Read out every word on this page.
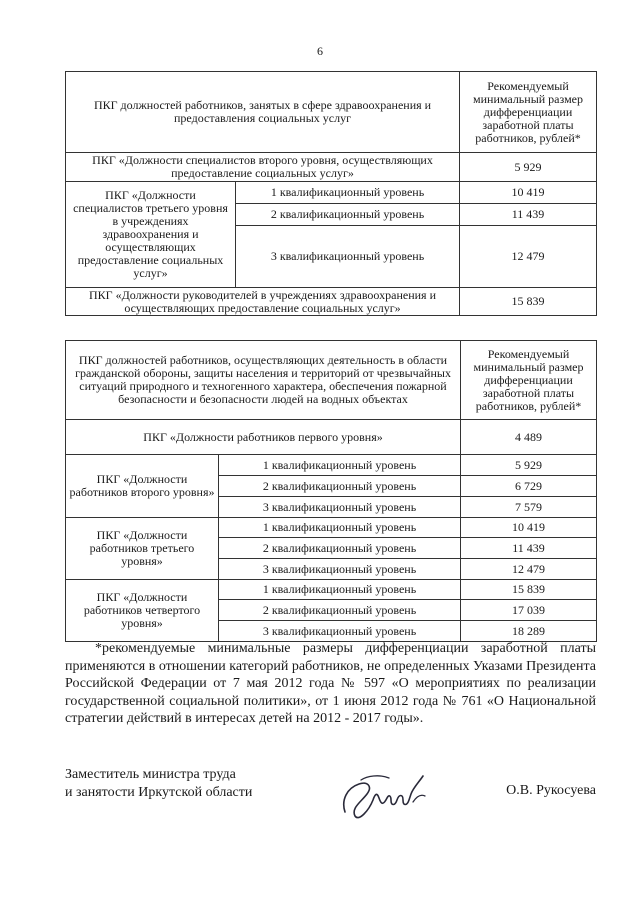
6
ПКГ должностей работников, занятых в сфере здравоохранения и предоставления социальных услуг		Рекомендуемый минимальный размер дифференциации заработной платы работников, рублей*
ПКГ «Должности специалистов второго уровня, осуществляющих предоставление социальных услуг»		5 929
ПКГ «Должности специалистов третьего уровня в учреждениях здравоохранения и осуществляющих предоставление социальных услуг»	1 квалификационный уровень	10 419
	2 квалификационный уровень	11 439
	3 квалификационный уровень	12 479
ПКГ «Должности руководителей в учреждениях здравоохранения и осуществляющих предоставление социальных услуг»		15 839
ПКГ должностей работников, осуществляющих деятельность в области гражданской обороны, защиты населения и территорий от чрезвычайных ситуаций природного и техногенного характера, обеспечения пожарной безопасности и безопасности людей на водных объектах		Рекомендуемый минимальный размер дифференциации заработной платы работников, рублей*
ПКГ «Должности работников первого уровня»		4 489
ПКГ «Должности работников второго уровня»	1 квалификационный уровень	5 929
	2 квалификационный уровень	6 729
	3 квалификационный уровень	7 579
ПКГ «Должности работников третьего уровня»	1 квалификационный уровень	10 419
	2 квалификационный уровень	11 439
	3 квалификационный уровень	12 479
ПКГ «Должности работников четвертого уровня»	1 квалификационный уровень	15 839
	2 квалификационный уровень	17 039
	3 квалификационный уровень	18 289

*рекомендуемые минимальные размеры дифференциации заработной платы применяются в отношении категорий работников, не определенных Указами Президента Российской Федерации от 7 мая 2012 года № 597 «О мероприятиях по реализации государственной социальной политики», от 1 июня 2012 года № 761 «О Национальной стратегии действий в интересах детей на 2012 - 2017 годы».

Заместитель министра труда
и занятости Иркутской области	О.В. Рукосуева
